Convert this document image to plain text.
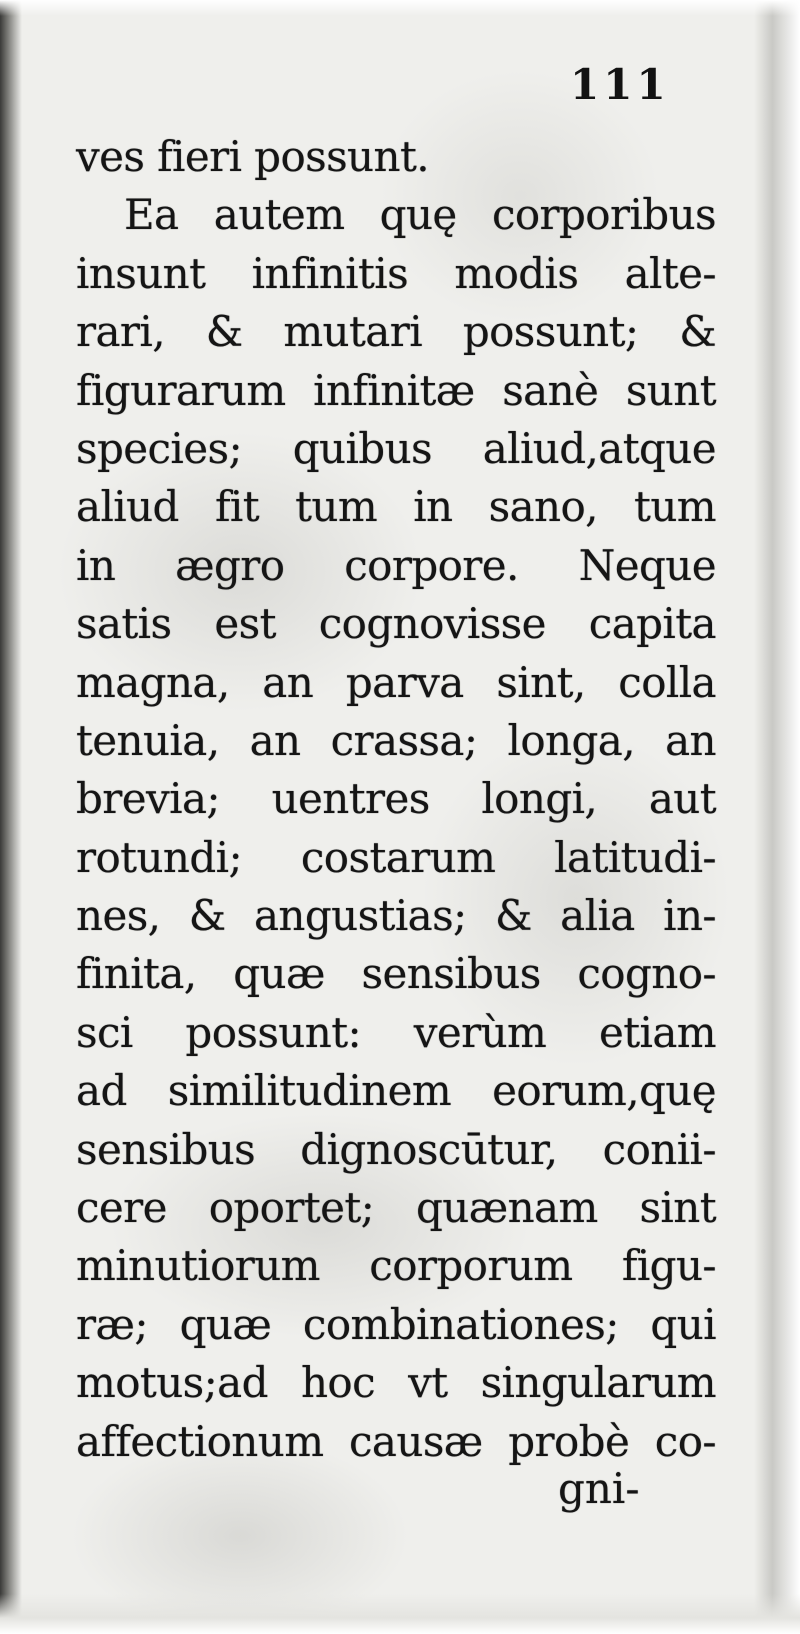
111
ves fieri possunt.
Ea autem quę corporibus
insunt infinitis modis alte-
rari, & mutari possunt; &
figurarum infinitæ sanè sunt
species; quibus aliud,atque
aliud fit tum in sano, tum
in ægro corpore. Neque
satis est cognovisse capita
magna, an parva sint, colla
tenuia, an crassa; longa, an
brevia; uentres longi, aut
rotundi; costarum latitudi-
nes, & angustias; & alia in-
finita, quæ sensibus cogno-
sci possunt: verùm etiam
ad similitudinem eorum,quę
sensibus dignoscūtur, conii-
cere oportet; quænam sint
minutiorum corporum figu-
ræ; quæ combinationes; qui
motus;ad hoc vt singularum
affectionum causæ probè co-
gni-
